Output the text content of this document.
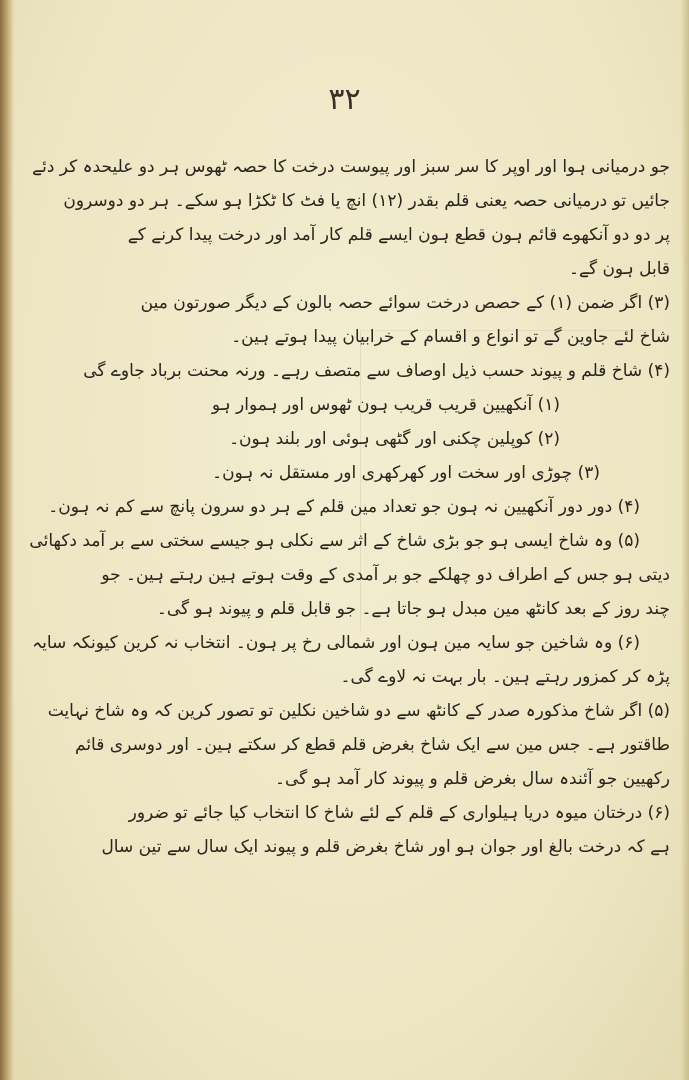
۳۲
جو درمیانی ہوا اور اوپر کا سر سبز اور پیوست درخت کا حصہ ٹھوس ہر دو علیحدہ کر دئے
جائیں تو درمیانی حصہ یعنی قلم بقدر (۱۲) انچ یا فٹ کا ٹکڑا ہو سکے۔ ہر دو دوسرون
پر دو دو آنکھوے قائم ہون قطع ہون ایسے قلم کار آمد اور درخت پیدا کرنے کے
قابل ہون گے۔
(۳) اگر ضمن (۱) کے حصص درخت سوائے حصہ بالون کے دیگر صورتون مین
شاخ لئے جاوین گے تو انواع و اقسام کے خرابیان پیدا ہوتے ہین۔
(۴) شاخ قلم و پیوند حسب ذیل اوصاف سے متصف رہے۔ ورنہ محنت برباد جاوے گی
(۱) آنکھیین قریب قریب ہون ٹھوس اور ہموار ہو
(۲) کوپلین چکنی اور گٹھی ہوئی اور بلند ہون۔
(۳) چوڑی اور سخت اور کھرکھری اور مستقل نہ ہون۔
(۴) دور دور آنکھیین نہ ہون جو تعداد مین قلم کے ہر دو سرون پانچ سے کم نہ ہون۔
(۵) وہ شاخ ایسی ہو جو بڑی شاخ کے اثر سے نکلی ہو جیسے سختی سے بر آمد دکھائی
دیتی ہو جس کے اطراف دو چھلکے جو بر آمدی کے وقت ہوتے ہین رہتے ہین۔ جو
چند روز کے بعد کانٹھ مین مبدل ہو جاتا ہے۔ جو قابل قلم و پیوند ہو گی۔
(۶) وہ شاخین جو سایہ مین ہون اور شمالی رخ پر ہون۔ انتخاب نہ کرین کیونکہ سایہ
پڑہ کر کمزور رہتے ہین۔ بار بہت نہ لاوے گی۔
(۵) اگر شاخ مذکورہ صدر کے کانٹھ سے دو شاخین نکلین تو تصور کرین کہ وہ شاخ نہایت
طاقتور ہے۔ جس مین سے ایک شاخ بغرض قلم قطع کر سکتے ہین۔ اور دوسری قائم
رکھیین جو آئندہ سال بغرض قلم و پیوند کار آمد ہو گی۔
(۶) درختان میوہ دریا ہیلواری کے قلم کے لئے شاخ کا انتخاب کیا جائے تو ضرور
ہے کہ درخت بالغ اور جوان ہو اور شاخ بغرض قلم و پیوند ایک سال سے تین سال
